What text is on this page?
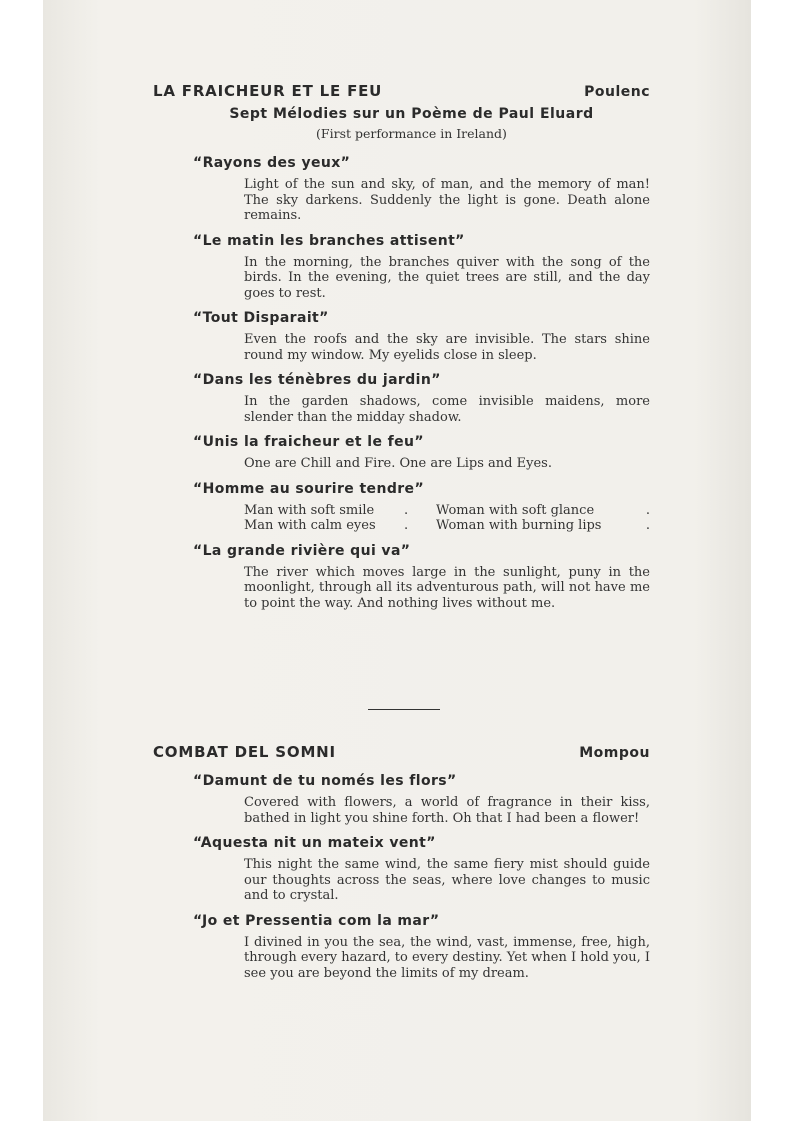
LA FRAICHEUR ET LE FEU	Poulenc
Sept Mélodies sur un Poème de Paul Eluard
(First performance in Ireland)
“Rayons des yeux”
Light of the sun and sky, of man, and the memory of man! The sky darkens. Suddenly the light is gone. Death alone remains.
“Le matin les branches attisent”
In the morning, the branches quiver with the song of the birds. In the evening, the quiet trees are still, and the day goes to rest.
“Tout Disparait”
Even the roofs and the sky are invisible. The stars shine round my window. My eyelids close in sleep.
“Dans les ténèbres du jardin”
In the garden shadows, come invisible maidens, more slender than the midday shadow.
“Unis la fraicheur et le feu”
One are Chill and Fire. One are Lips and Eyes.
“Homme au sourire tendre”
Man with soft smile	.	Woman with soft glance	.
Man with calm eyes	.	Woman with burning lips	.
“La grande rivière qui va”
The river which moves large in the sunlight, puny in the moonlight, through all its adventurous path, will not have me to point the way. And nothing lives without me.
COMBAT DEL SOMNI	Mompou
“Damunt de tu només les flors”
Covered with flowers, a world of fragrance in their kiss, bathed in light you shine forth. Oh that I had been a flower!
“Aquesta nit un mateix vent”
This night the same wind, the same fiery mist should guide our thoughts across the seas, where love changes to music and to crystal.
“Jo et Pressentia com la mar”
I divined in you the sea, the wind, vast, immense, free, high, through every hazard, to every destiny. Yet when I hold you, I see you are beyond the limits of my dream.
